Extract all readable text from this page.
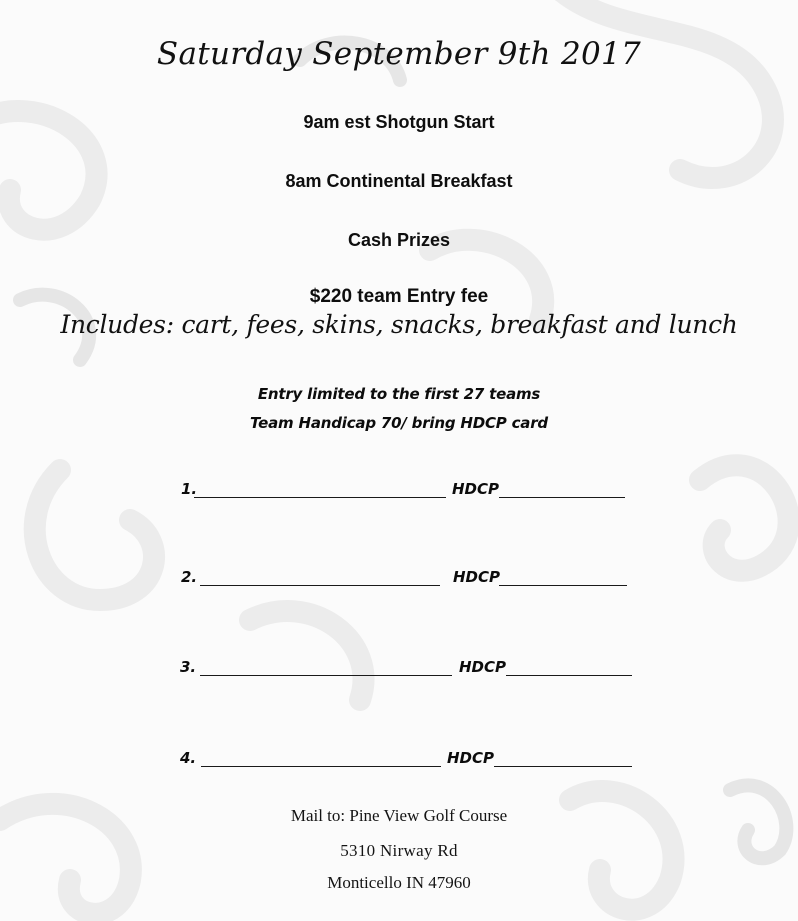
Saturday September 9th 2017
9am est Shotgun Start
8am Continental Breakfast
Cash Prizes
$220 team Entry fee
Includes: cart, fees, skins, snacks, breakfast and lunch
Entry limited to the first 27 teams
Team Handicap 70/ bring HDCP card
1.	HDCP
2.	HDCP
3.	HDCP
4.	HDCP
Mail to: Pine View Golf Course
5310 Nirway Rd
Monticello IN 47960
